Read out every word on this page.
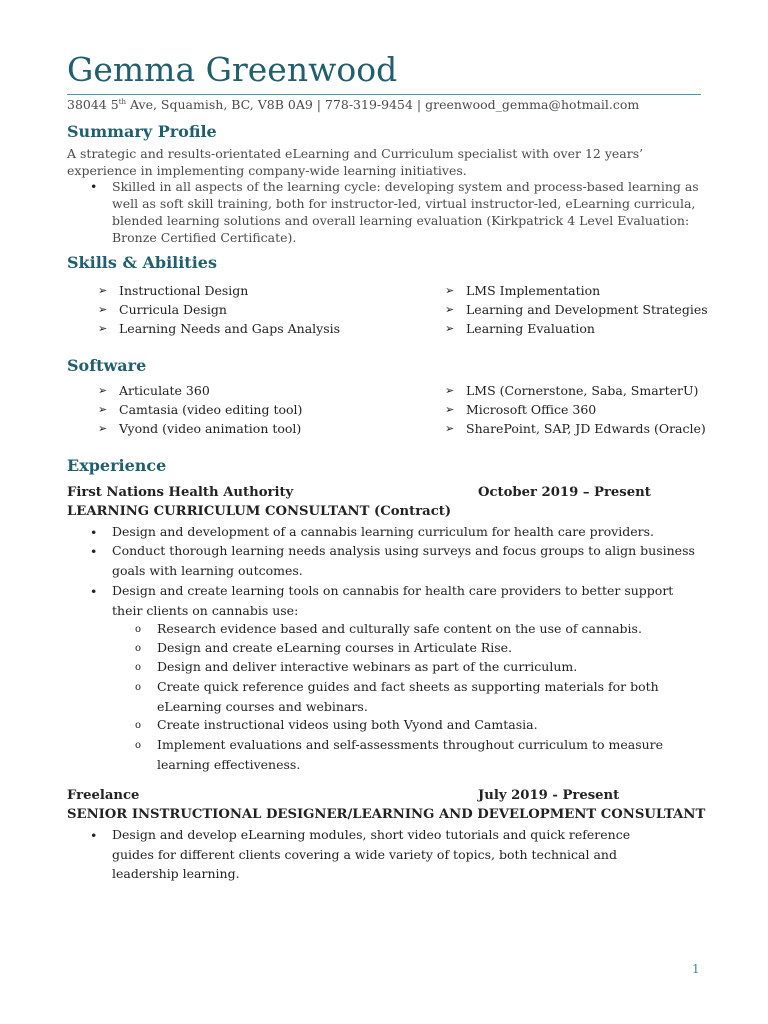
Gemma Greenwood

38044 5th Ave, Squamish, BC, V8B 0A9 | 778-319-9454 | greenwood_gemma@hotmail.com

Summary Profile

A strategic and results-orientated eLearning and Curriculum specialist with over 12 years’ experience in implementing company-wide learning initiatives.

• Skilled in all aspects of the learning cycle: developing system and process-based learning as well as soft skill training, both for instructor-led, virtual instructor-led, eLearning curricula, blended learning solutions and overall learning evaluation (Kirkpatrick 4 Level Evaluation: Bronze Certified Certificate).

Skills & Abilities
➢ Instructional Design
➢ Curricula Design
➢ Learning Needs and Gaps Analysis
➢ LMS Implementation
➢ Learning and Development Strategies
➢ Learning Evaluation
Software
➢ Articulate 360
➢ Camtasia (video editing tool)
➢ Vyond (video animation tool)
➢ LMS (Cornerstone, Saba, SmarterU)
➢ Microsoft Office 360
➢ SharePoint, SAP, JD Edwards (Oracle)
Experience

First Nations Health Authority	October 2019 – Present

LEARNING CURRICULUM CONSULTANT (Contract)

• Design and development of a cannabis learning curriculum for health care providers.

• Conduct thorough learning needs analysis using surveys and focus groups to align business goals with learning outcomes.

• Design and create learning tools on cannabis for health care providers to better support their clients on cannabis use:

o Research evidence based and culturally safe content on the use of cannabis.

o Design and create eLearning courses in Articulate Rise.

o Design and deliver interactive webinars as part of the curriculum.

o Create quick reference guides and fact sheets as supporting materials for both eLearning courses and webinars.

o Create instructional videos using both Vyond and Camtasia.

o Implement evaluations and self-assessments throughout curriculum to measure learning effectiveness.

Freelance	July 2019 - Present

SENIOR INSTRUCTIONAL DESIGNER/LEARNING AND DEVELOPMENT CONSULTANT

• Design and develop eLearning modules, short video tutorials and quick reference guides for different clients covering a wide variety of topics, both technical and leadership learning.

1
